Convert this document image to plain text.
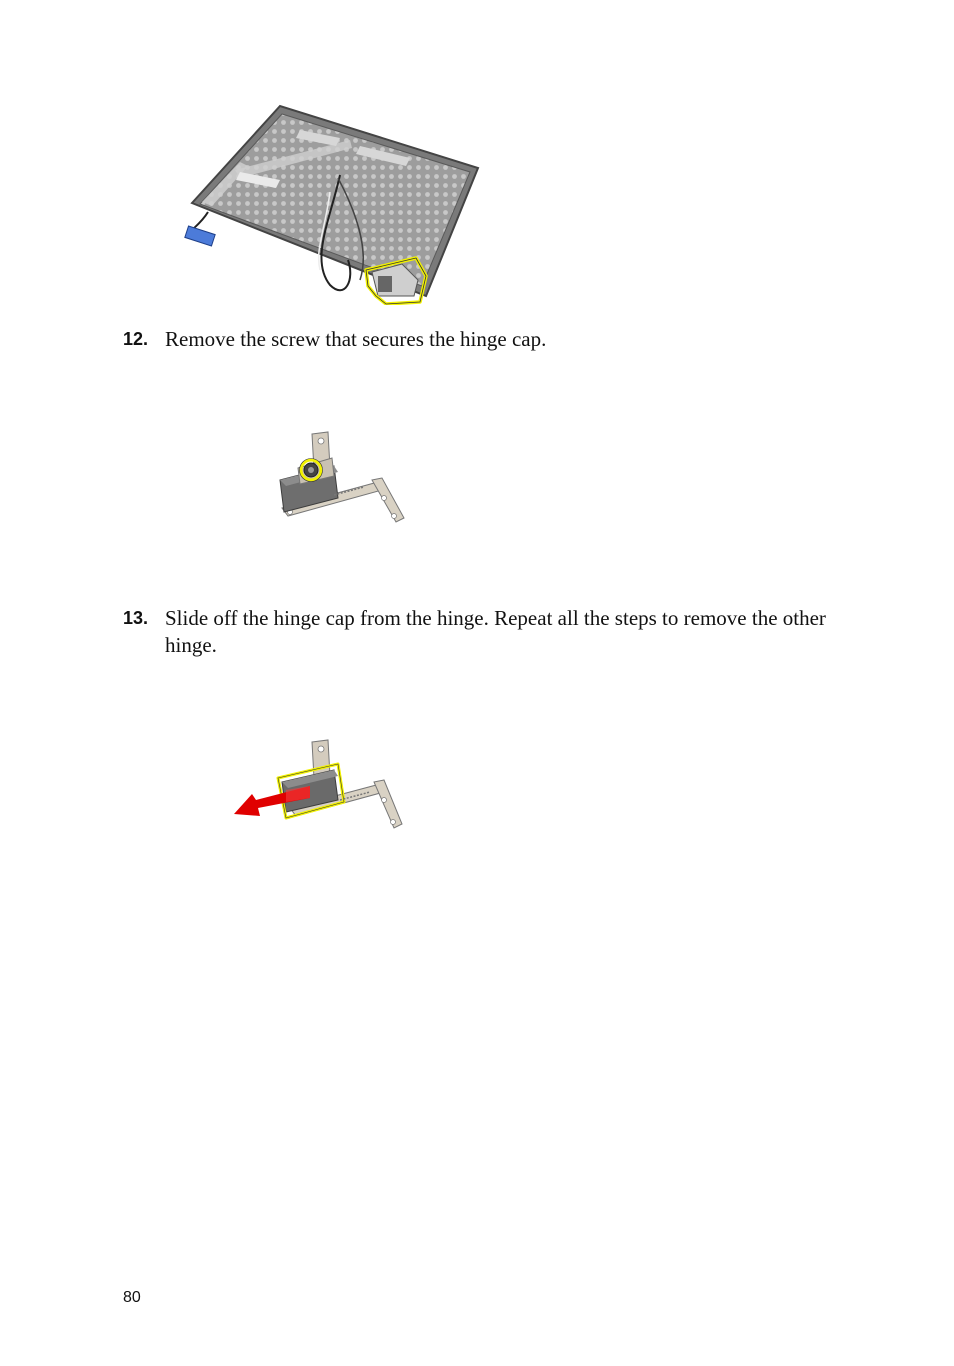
12. Remove the screw that secures the hinge cap.
13. Slide off the hinge cap from the hinge. Repeat all the steps to remove the other hinge.
80
